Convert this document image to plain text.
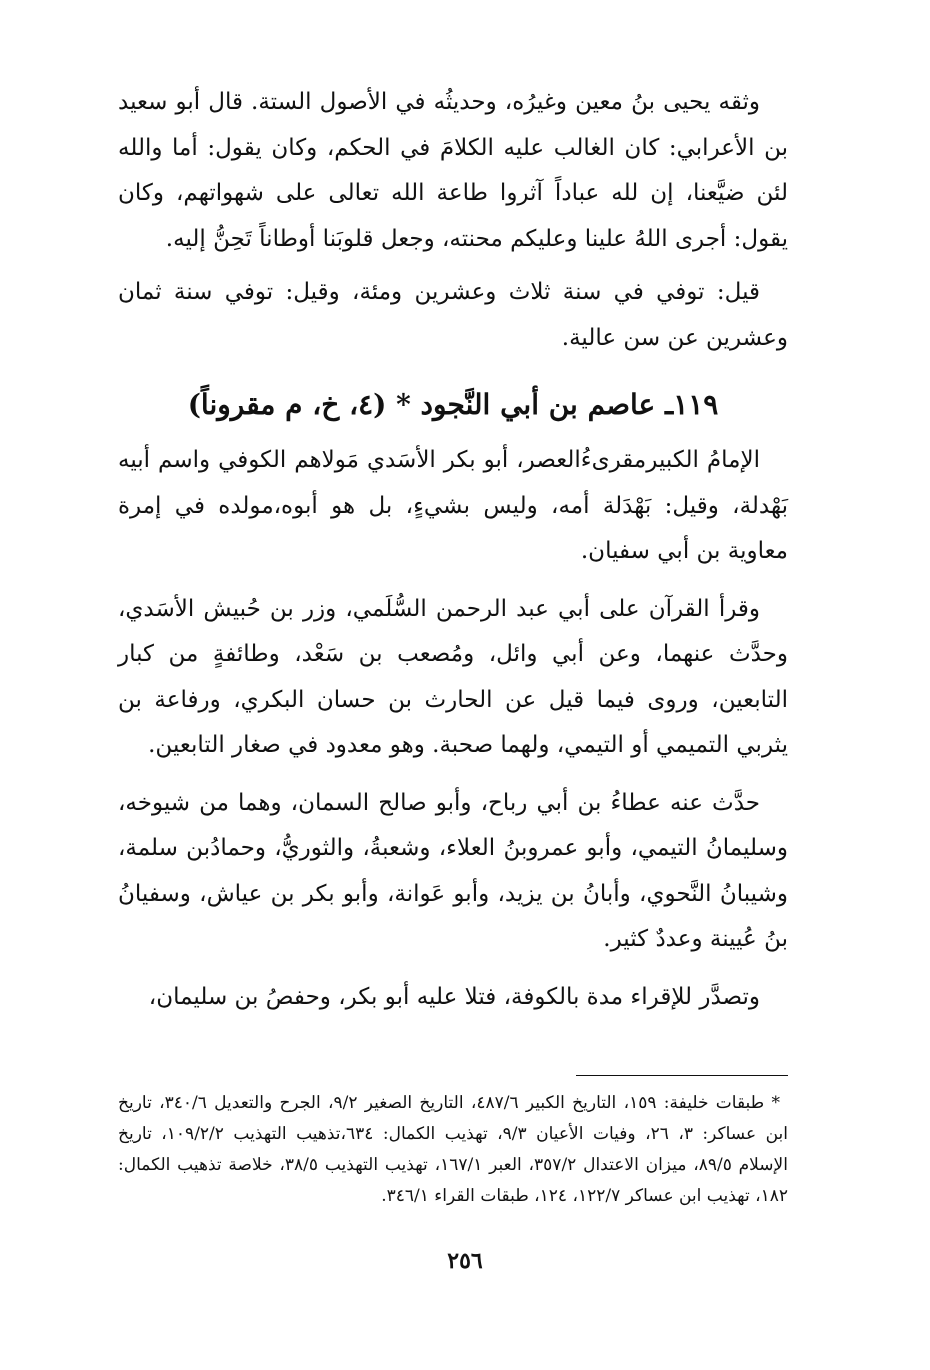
وثقه يحيى بنُ معين وغيرُه، وحديثُه في الأصول الستة. قال أبو سعيد بن الأعرابي: كان الغالب عليه الكلامَ في الحكم، وكان يقول: أما والله لئن ضيَّعنا، إن لله عباداً آثروا طاعة الله تعالى على شهواتهم، وكان يقول: أجرى اللهُ علينا وعليكم محنته، وجعل قلوبَنا أوطاناً تَحِنُّ إليه.

قيل: توفي في سنة ثلاث وعشرين ومئة، وقيل: توفي سنة ثمان وعشرين عن سن عالية.

١١٩ـ عاصم بن أبي النَّجود * (٤، خ، م مقروناً)

الإمامُ الكبيرمقرىءُالعصر، أبو بكر الأسَدي مَولاهم الكوفي واسم أبيه بَهْدلة، وقيل: بَهْدَلة أمه، وليس بشيءٍ، بل هو أبوه،مولده في إمرة معاوية بن أبي سفيان.

وقرأ القرآن على أبي عبد الرحمن السُّلَمي، وزر بن حُبيش الأسَدي، وحدَّث عنهما، وعن أبي وائل، ومُصعب بن سَعْد، وطائفةٍ من كبار التابعين، وروى فيما قيل عن الحارث بن حسان البكري، ورفاعة بن يثربي التميمي أو التيمي، ولهما صحبة. وهو معدود في صغار التابعين.

حدَّث عنه عطاءُ بن أبي رباح، وأبو صالح السمان، وهما من شيوخه، وسليمانُ التيمي، وأبو عمروبنُ العلاء، وشعبةُ، والثوريُّ، وحمادُبن سلمة، وشيبانُ النَّحوي، وأبانُ بن يزيد، وأبو عَوانة، وأبو بكر بن عياش، وسفيانُ بنُ عُيينة وعددٌ كثير.

وتصدَّر للإقراء مدة بالكوفة، فتلا عليه أبو بكر، وحفصُ بن سليمان،

* طبقات خليفة: ١٥٩، التاريخ الكبير ٤٨٧/٦، التاريخ الصغير ٩/٢، الجرح والتعديل ٣٤٠/٦، تاريخ ابن عساكر: ٣، ٢٦، وفيات الأعيان ٩/٣، تهذيب الكمال: ٦٣٤،تذهيب التهذيب ١٠٩/٢/٢، تاريخ الإسلام ٨٩/٥، ميزان الاعتدال ٣٥٧/٢، العبر ١٦٧/١، تهذيب التهذيب ٣٨/٥، خلاصة تذهيب الكمال: ١٨٢، تهذيب ابن عساكر ١٢٢/٧، ١٢٤، طبقات القراء ٣٤٦/١.

٢٥٦
